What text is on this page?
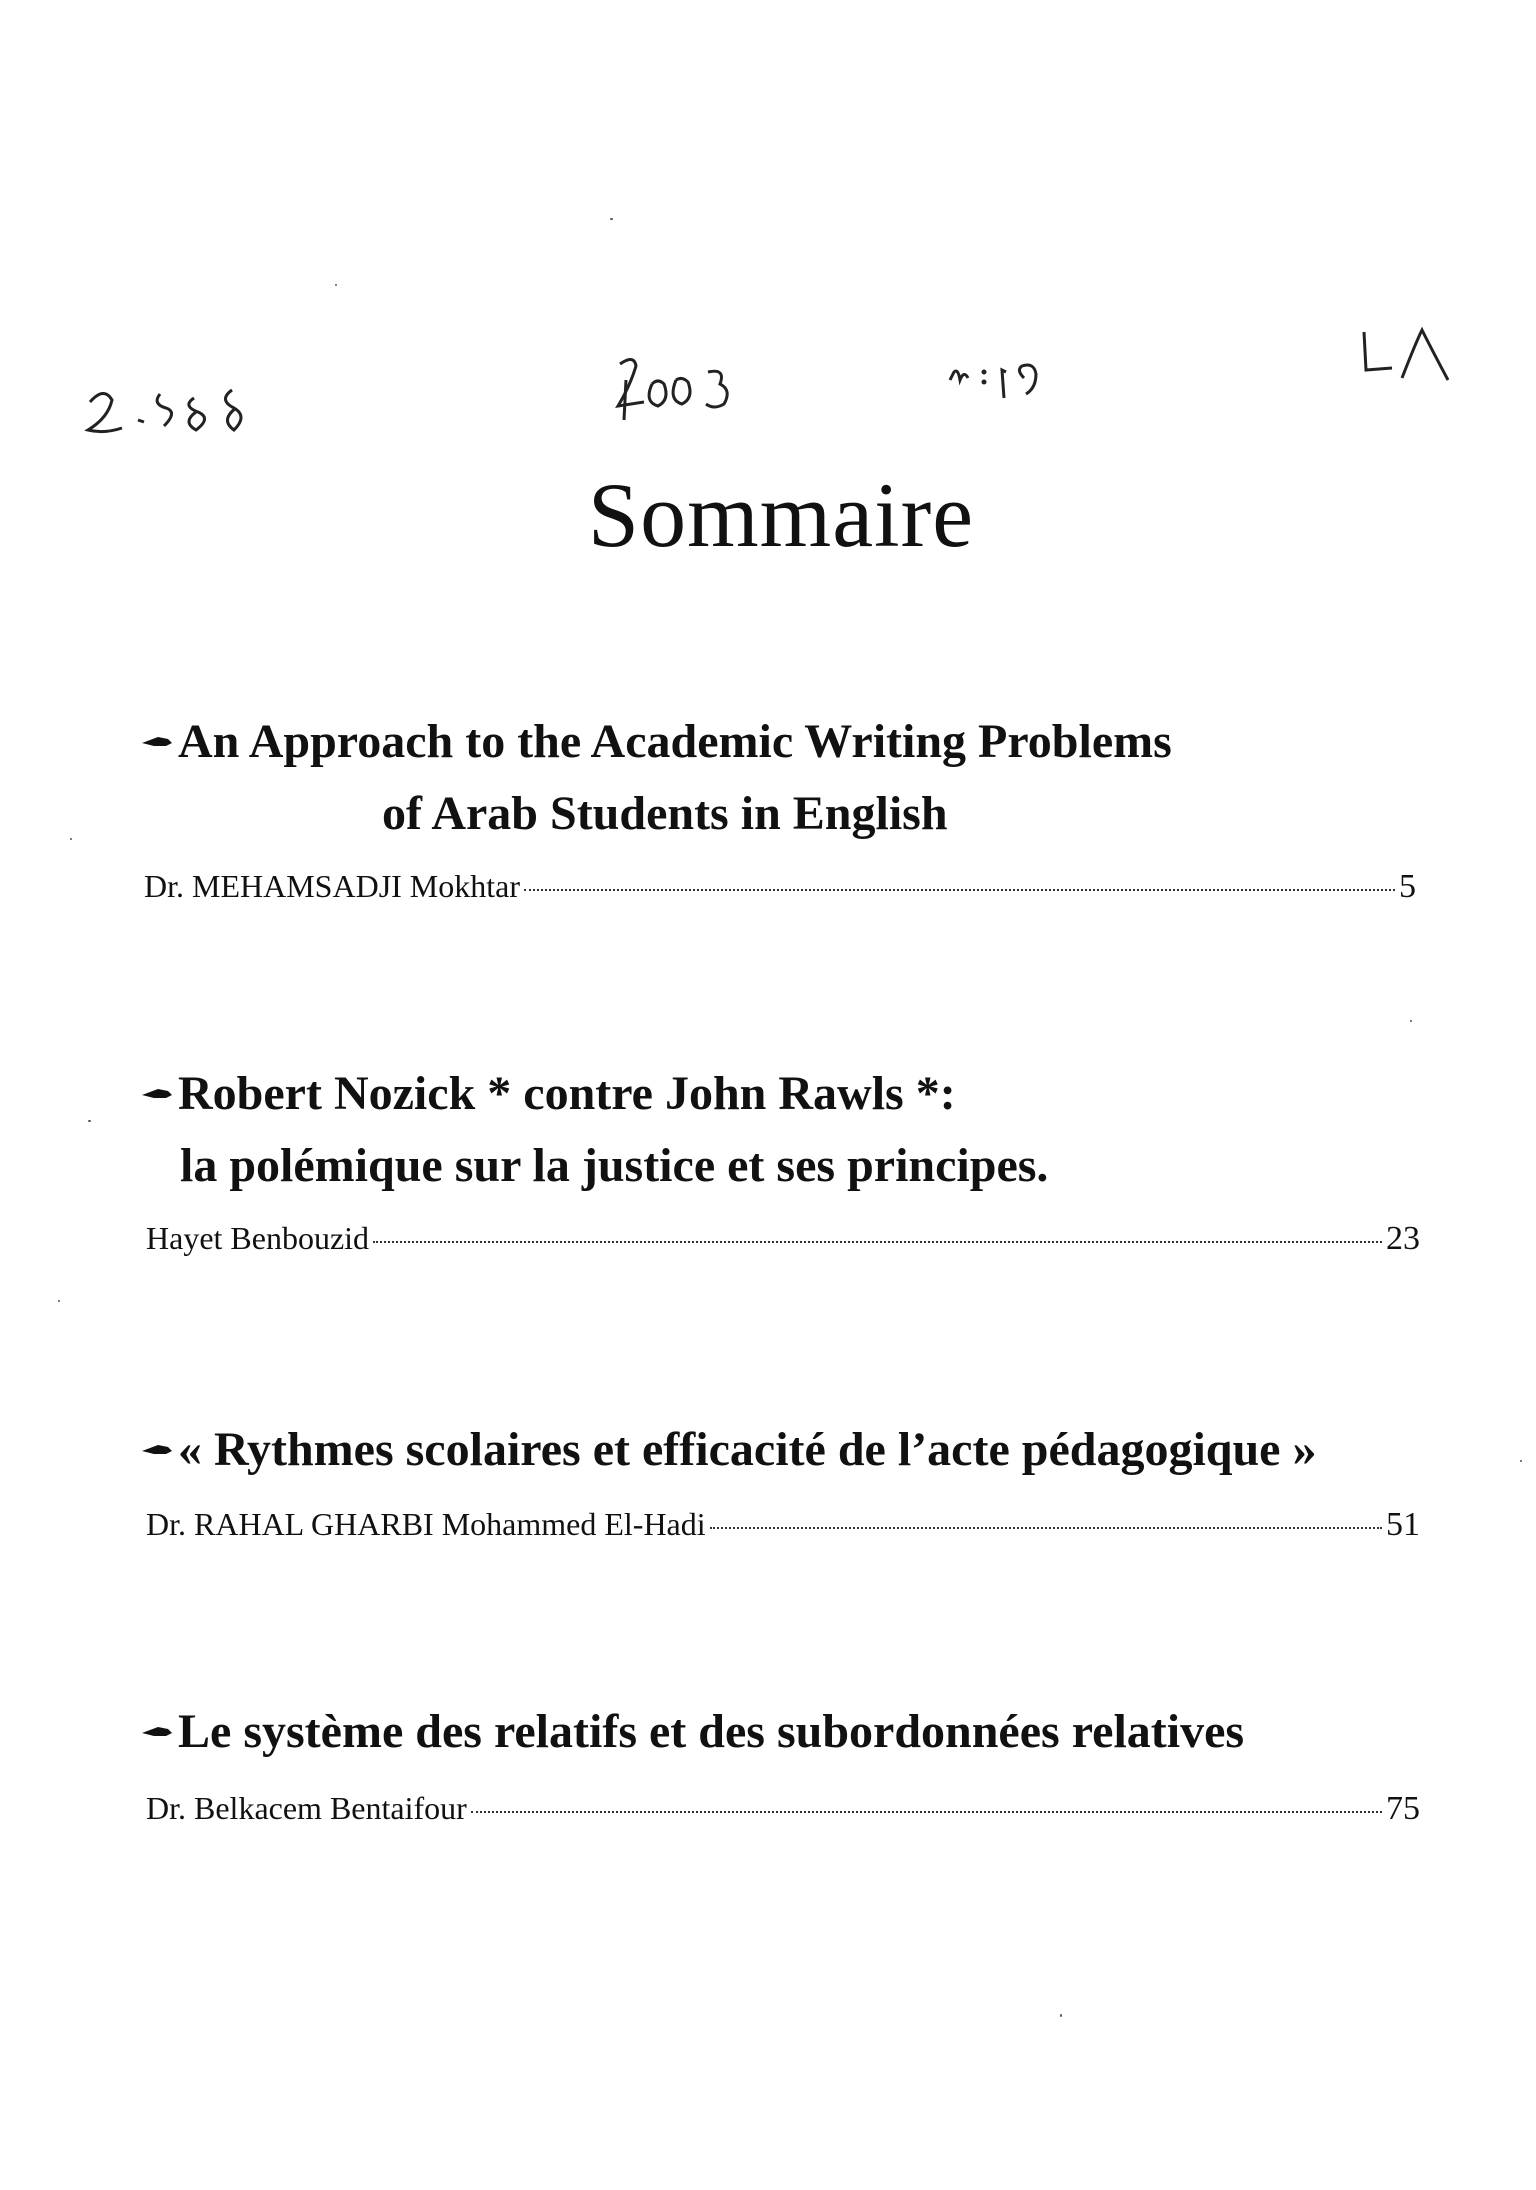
Sommaire
An Approach to the Academic Writing Problems
of Arab Students in English
Dr. MEHAMSADJI Mokhtar	5
Robert Nozick * contre John Rawls *:
la polémique sur la justice et ses principes.
Hayet Benbouzid	23
« Rythmes scolaires et efficacité de l’acte pédagogique »
Dr. RAHAL GHARBI Mohammed El-Hadi	51
Le système des relatifs et des subordonnées relatives
Dr. Belkacem Bentaifour	75
